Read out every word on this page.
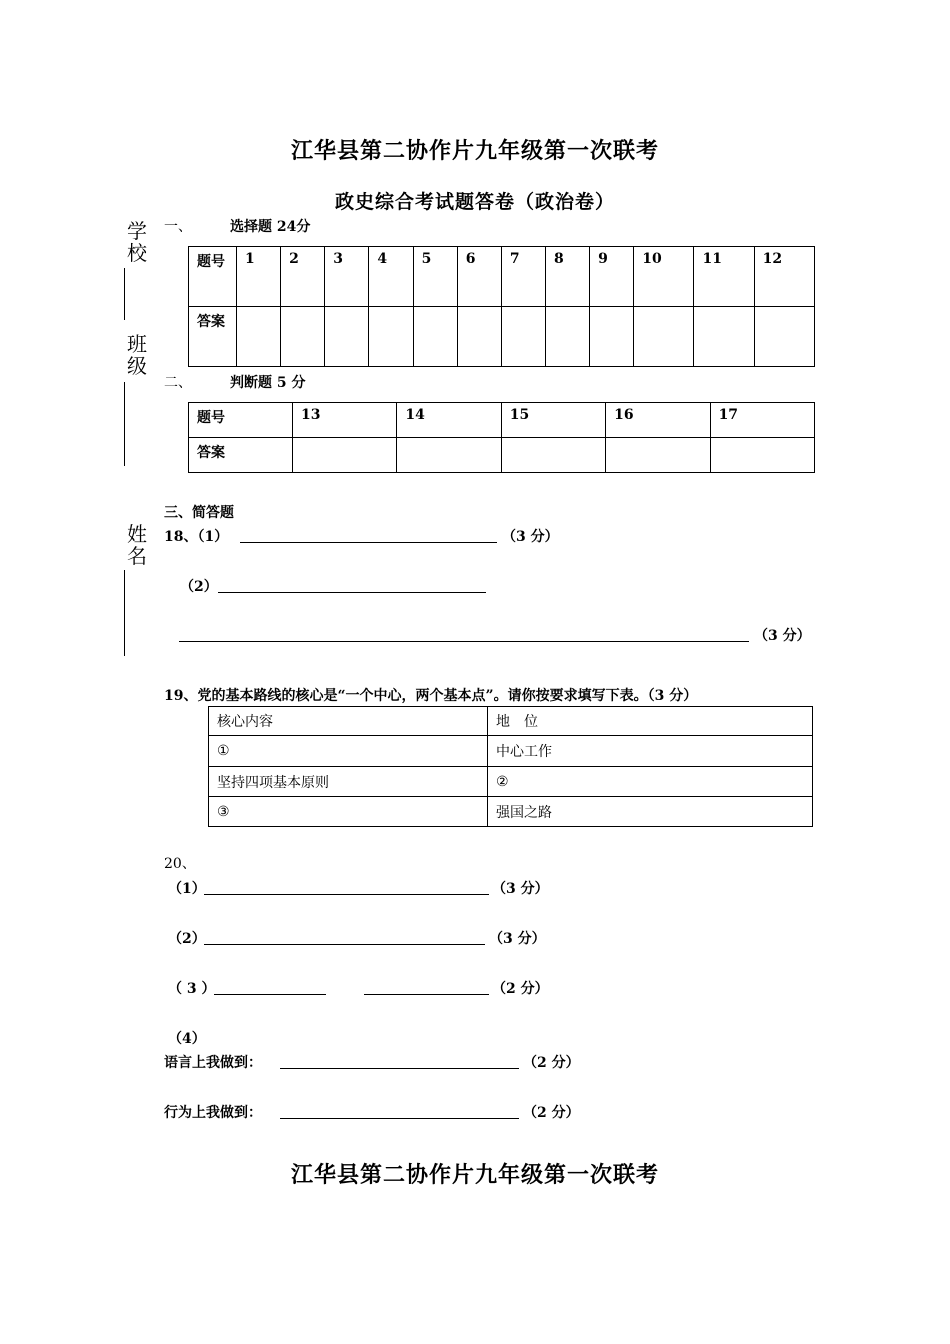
江华县第二协作片九年级第一次联考
政史综合考试题答卷（政治卷）
学校
班级
姓名
一、	选择题 24分
题号	1	2	3	4	5	6	7	8	9	10	11	12
答案												
二、	判断题 5 分
题号	13	14	15	16	17
答案					
三、简答题
18、（1）	（3 分）
（2）
（3 分）
19、党的基本路线的核心是“一个中心，两个基本点”。请你按要求填写下表。（3 分）
核心内容	地　位
①	中心工作
坚持四项基本原则	②
③	强国之路
20、
（1）	（3 分）
（2）	（3 分）
（ 3 ）	（2 分）
（4）
语言上我做到：	（2 分）
行为上我做到：	（2 分）
江华县第二协作片九年级第一次联考
